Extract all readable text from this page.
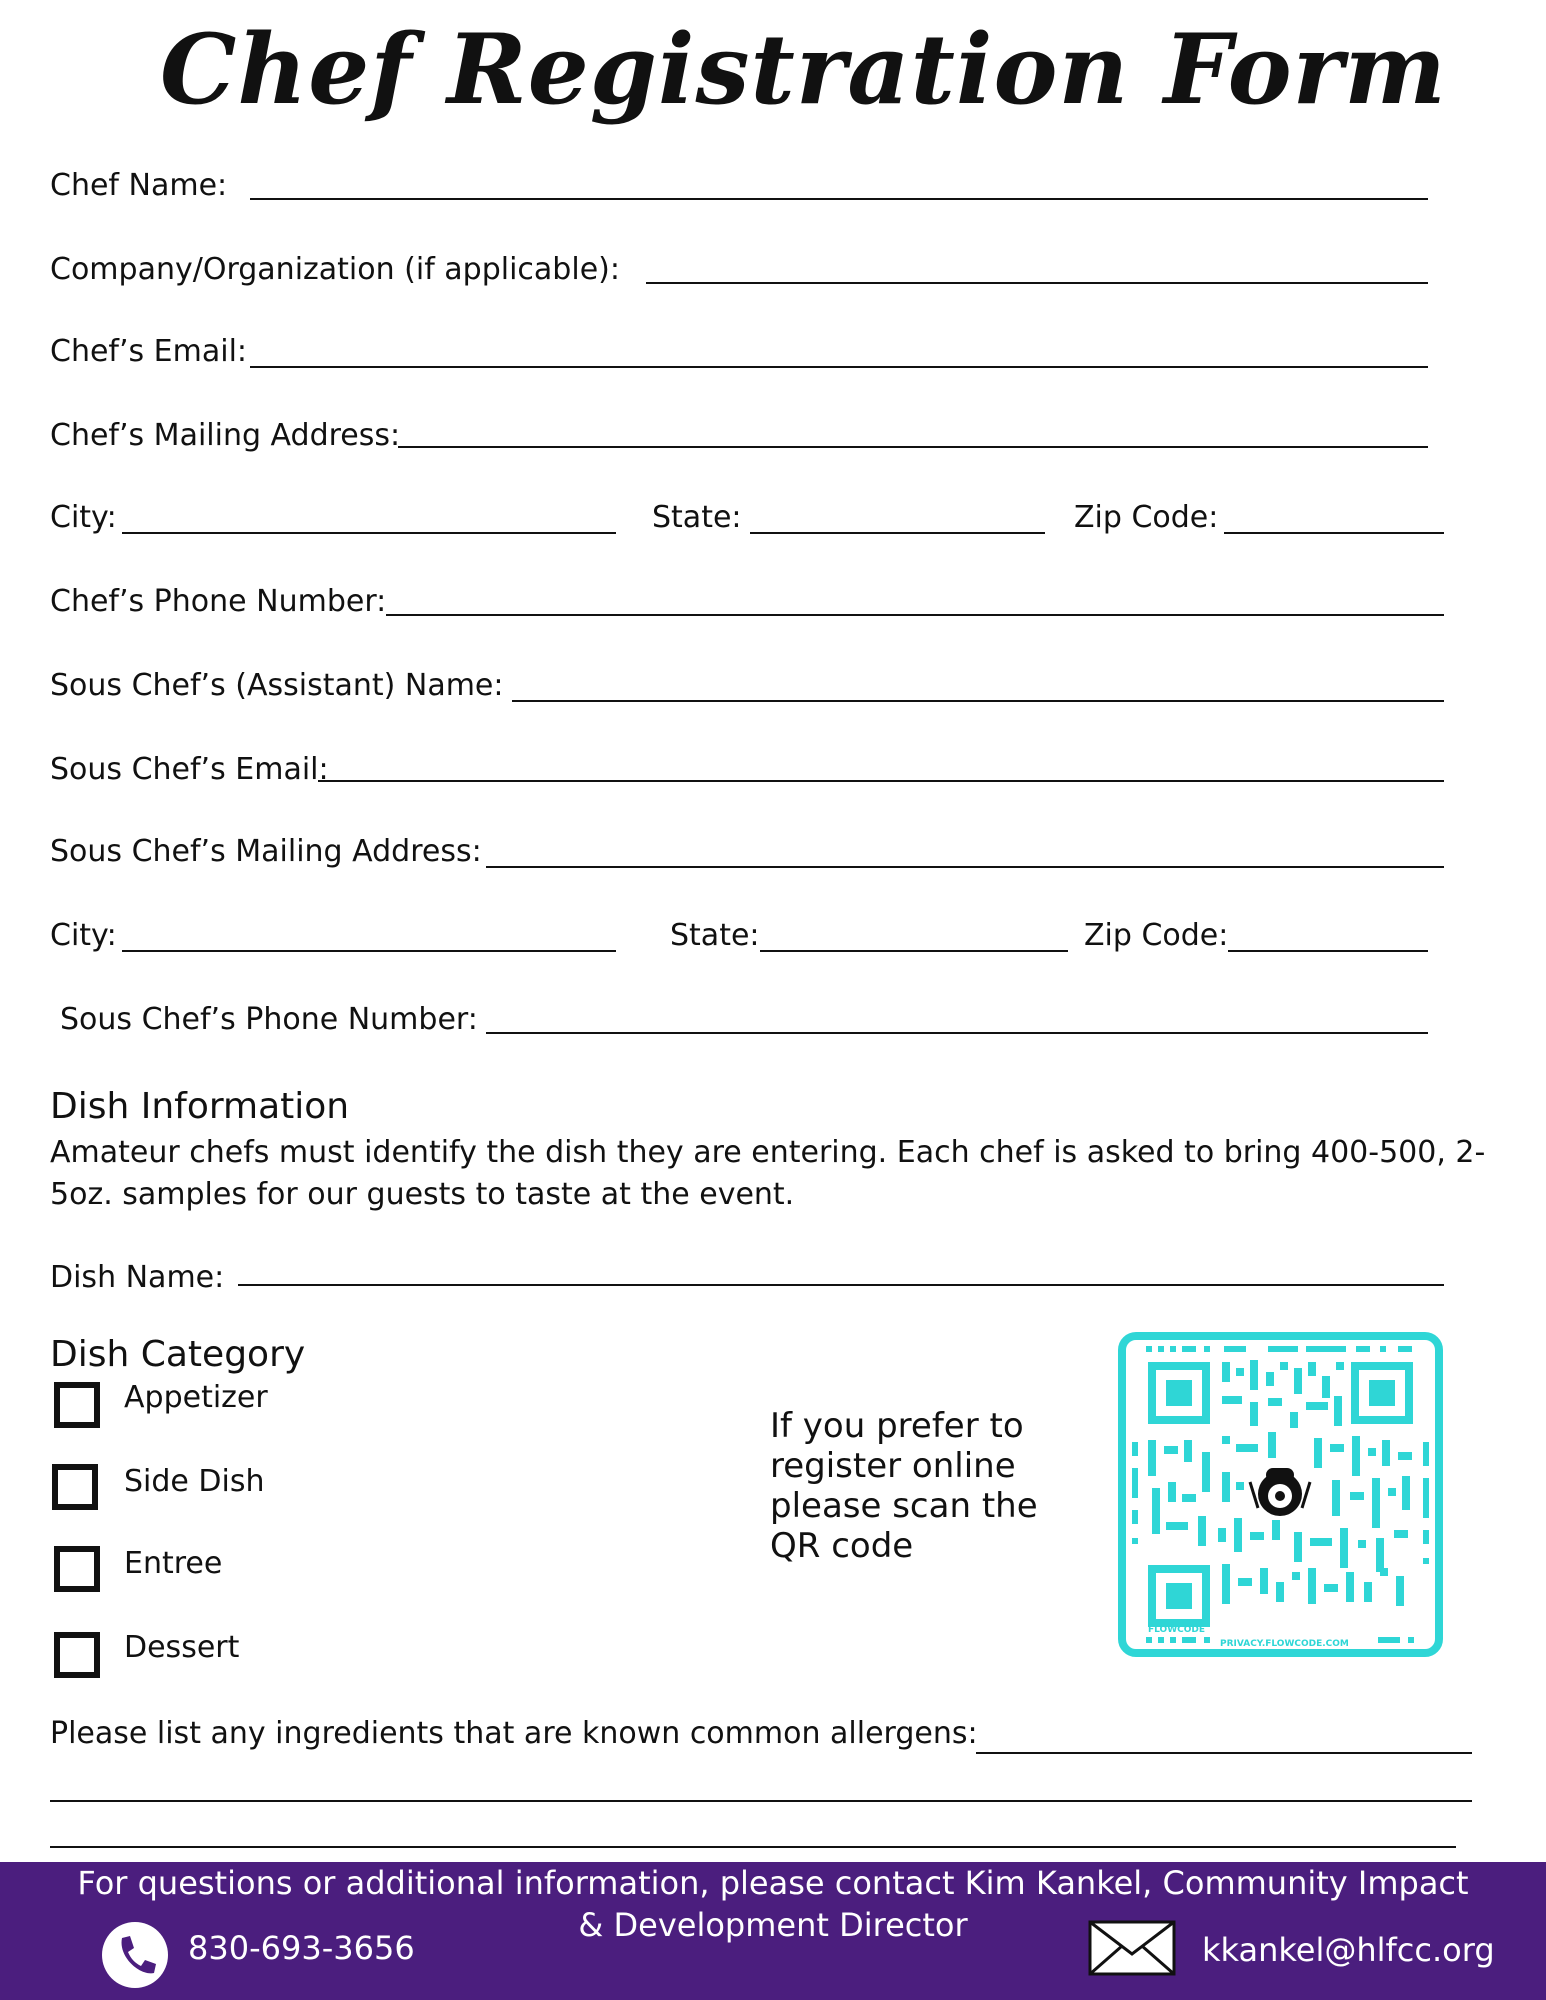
Chef Registration Form
Chef Name:
Company/Organization (if applicable):
Chef’s Email:
Chef’s Mailing Address:
City:	State:	Zip Code:
Chef’s Phone Number:
Sous Chef’s (Assistant) Name:
Sous Chef’s Email:
Sous Chef’s Mailing Address:
City:	State:	Zip Code:
Sous Chef’s Phone Number:
Dish Information
Amateur chefs must identify the dish they are entering. Each chef is asked to bring 400-500, 2-5oz. samples for our guests to taste at the event.
Dish Name:
Dish Category
Appetizer
Side Dish
Entree
Dessert
If you prefer to register online please scan the QR code
FLOWCODE
PRIVACY.FLOWCODE.COM
Please list any ingredients that are known common allergens:
For questions or additional information, please contact Kim Kankel, Community Impact & Development Director
830-693-3656	kkankel@hlfcc.org
